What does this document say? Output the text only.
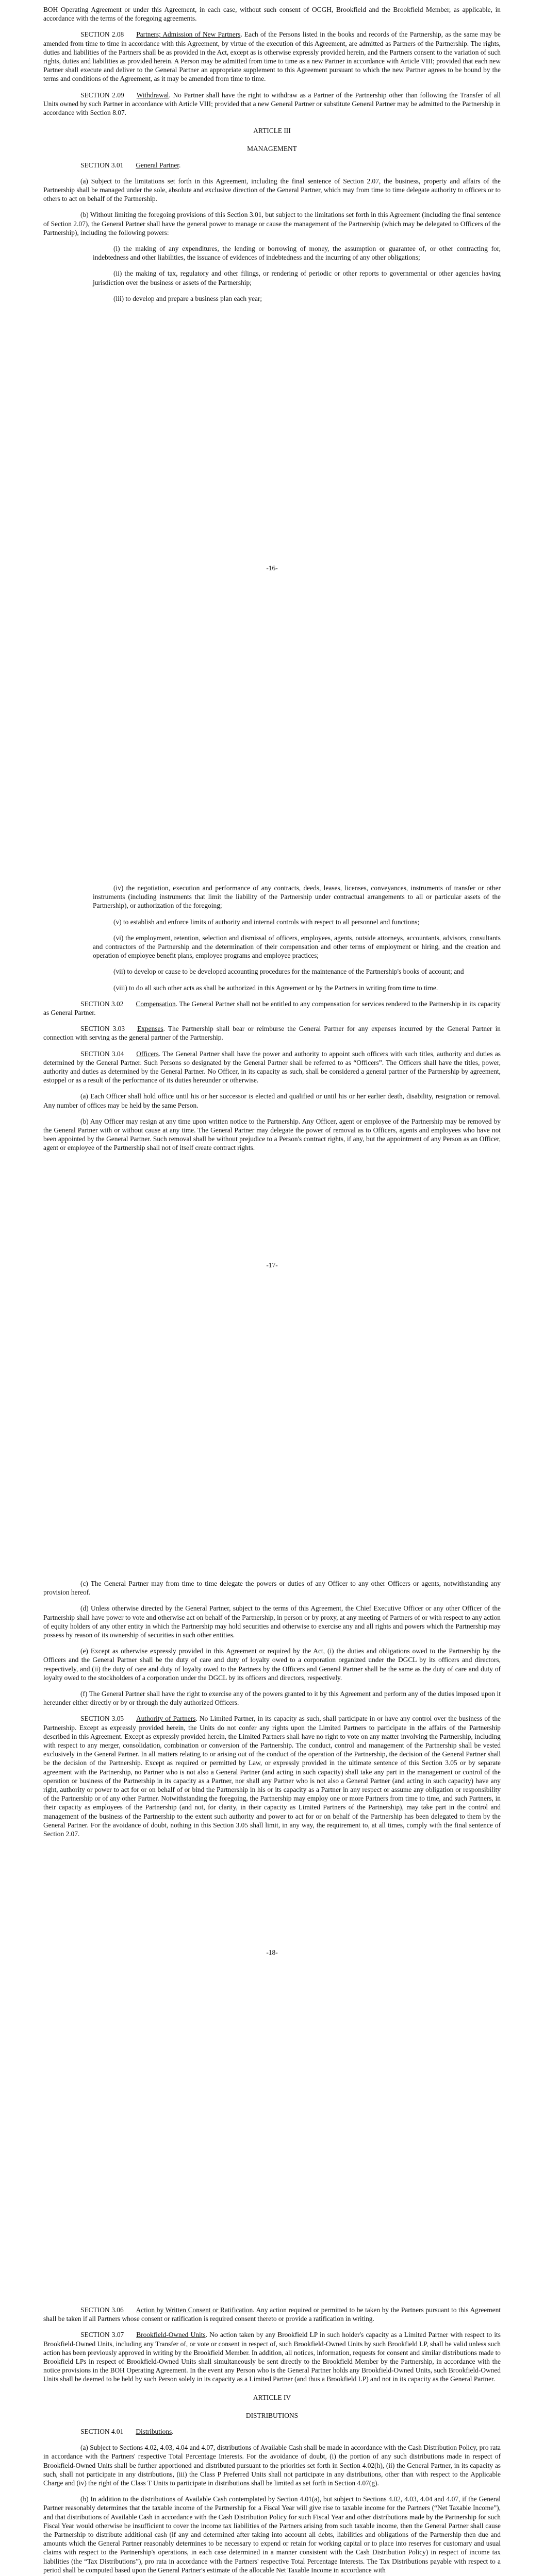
BOH Operating Agreement or under this Agreement, in each case, without such consent of OCGH, Brookfield and the Brookfield Member, as applicable, in accordance with the terms of the foregoing agreements.

SECTION 2.08 Partners; Admission of New Partners. Each of the Persons listed in the books and records of the Partnership, as the same may be amended from time to time in accordance with this Agreement, by virtue of the execution of this Agreement, are admitted as Partners of the Partnership. The rights, duties and liabilities of the Partners shall be as provided in the Act, except as is otherwise expressly provided herein, and the Partners consent to the variation of such rights, duties and liabilities as provided herein. A Person may be admitted from time to time as a new Partner in accordance with Article VIII; provided that each new Partner shall execute and deliver to the General Partner an appropriate supplement to this Agreement pursuant to which the new Partner agrees to be bound by the terms and conditions of the Agreement, as it may be amended from time to time.

SECTION 2.09 Withdrawal. No Partner shall have the right to withdraw as a Partner of the Partnership other than following the Transfer of all Units owned by such Partner in accordance with Article VIII; provided that a new General Partner or substitute General Partner may be admitted to the Partnership in accordance with Section 8.07.

ARTICLE III

MANAGEMENT

SECTION 3.01 General Partner.

(a) Subject to the limitations set forth in this Agreement, including the final sentence of Section 2.07, the business, property and affairs of the Partnership shall be managed under the sole, absolute and exclusive direction of the General Partner, which may from time to time delegate authority to officers or to others to act on behalf of the Partnership.

(b) Without limiting the foregoing provisions of this Section 3.01, but subject to the limitations set forth in this Agreement (including the final sentence of Section 2.07), the General Partner shall have the general power to manage or cause the management of the Partnership (which may be delegated to Officers of the Partnership), including the following powers:

(i) the making of any expenditures, the lending or borrowing of money, the assumption or guarantee of, or other contracting for, indebtedness and other liabilities, the issuance of evidences of indebtedness and the incurring of any other obligations;

(ii) the making of tax, regulatory and other filings, or rendering of periodic or other reports to governmental or other agencies having jurisdiction over the business or assets of the Partnership;

(iii) to develop and prepare a business plan each year;

-16-

(iv) the negotiation, execution and performance of any contracts, deeds, leases, licenses, conveyances, instruments of transfer or other instruments (including instruments that limit the liability of the Partnership under contractual arrangements to all or particular assets of the Partnership), or authorization of the foregoing;

(v) to establish and enforce limits of authority and internal controls with respect to all personnel and functions;

(vi) the employment, retention, selection and dismissal of officers, employees, agents, outside attorneys, accountants, advisors, consultants and contractors of the Partnership and the determination of their compensation and other terms of employment or hiring, and the creation and operation of employee benefit plans, employee programs and employee practices;

(vii) to develop or cause to be developed accounting procedures for the maintenance of the Partnership's books of account; and

(viii) to do all such other acts as shall be authorized in this Agreement or by the Partners in writing from time to time.

SECTION 3.02 Compensation. The General Partner shall not be entitled to any compensation for services rendered to the Partnership in its capacity as General Partner.

SECTION 3.03 Expenses. The Partnership shall bear or reimburse the General Partner for any expenses incurred by the General Partner in connection with serving as the general partner of the Partnership.

SECTION 3.04 Officers. The General Partner shall have the power and authority to appoint such officers with such titles, authority and duties as determined by the General Partner. Such Persons so designated by the General Partner shall be referred to as “Officers”. The Officers shall have the titles, power, authority and duties as determined by the General Partner. No Officer, in its capacity as such, shall be considered a general partner of the Partnership by agreement, estoppel or as a result of the performance of its duties hereunder or otherwise.

(a) Each Officer shall hold office until his or her successor is elected and qualified or until his or her earlier death, disability, resignation or removal. Any number of offices may be held by the same Person.

(b) Any Officer may resign at any time upon written notice to the Partnership. Any Officer, agent or employee of the Partnership may be removed by the General Partner with or without cause at any time. The General Partner may delegate the power of removal as to Officers, agents and employees who have not been appointed by the General Partner. Such removal shall be without prejudice to a Person's contract rights, if any, but the appointment of any Person as an Officer, agent or employee of the Partnership shall not of itself create contract rights.

-17-

(c) The General Partner may from time to time delegate the powers or duties of any Officer to any other Officers or agents, notwithstanding any provision hereof.

(d) Unless otherwise directed by the General Partner, subject to the terms of this Agreement, the Chief Executive Officer or any other Officer of the Partnership shall have power to vote and otherwise act on behalf of the Partnership, in person or by proxy, at any meeting of Partners of or with respect to any action of equity holders of any other entity in which the Partnership may hold securities and otherwise to exercise any and all rights and powers which the Partnership may possess by reason of its ownership of securities in such other entities.

(e) Except as otherwise expressly provided in this Agreement or required by the Act, (i) the duties and obligations owed to the Partnership by the Officers and the General Partner shall be the duty of care and duty of loyalty owed to a corporation organized under the DGCL by its officers and directors, respectively, and (ii) the duty of care and duty of loyalty owed to the Partners by the Officers and General Partner shall be the same as the duty of care and duty of loyalty owed to the stockholders of a corporation under the DGCL by its officers and directors, respectively.

(f) The General Partner shall have the right to exercise any of the powers granted to it by this Agreement and perform any of the duties imposed upon it hereunder either directly or by or through the duly authorized Officers.

SECTION 3.05 Authority of Partners. No Limited Partner, in its capacity as such, shall participate in or have any control over the business of the Partnership. Except as expressly provided herein, the Units do not confer any rights upon the Limited Partners to participate in the affairs of the Partnership described in this Agreement. Except as expressly provided herein, the Limited Partners shall have no right to vote on any matter involving the Partnership, including with respect to any merger, consolidation, combination or conversion of the Partnership. The conduct, control and management of the Partnership shall be vested exclusively in the General Partner. In all matters relating to or arising out of the conduct of the operation of the Partnership, the decision of the General Partner shall be the decision of the Partnership. Except as required or permitted by Law, or expressly provided in the ultimate sentence of this Section 3.05 or by separate agreement with the Partnership, no Partner who is not also a General Partner (and acting in such capacity) shall take any part in the management or control of the operation or business of the Partnership in its capacity as a Partner, nor shall any Partner who is not also a General Partner (and acting in such capacity) have any right, authority or power to act for or on behalf of or bind the Partnership in his or its capacity as a Partner in any respect or assume any obligation or responsibility of the Partnership or of any other Partner. Notwithstanding the foregoing, the Partnership may employ one or more Partners from time to time, and such Partners, in their capacity as employees of the Partnership (and not, for clarity, in their capacity as Limited Partners of the Partnership), may take part in the control and management of the business of the Partnership to the extent such authority and power to act for or on behalf of the Partnership has been delegated to them by the General Partner. For the avoidance of doubt, nothing in this Section 3.05 shall limit, in any way, the requirement to, at all times, comply with the final sentence of Section 2.07.

-18-

SECTION 3.06 Action by Written Consent or Ratification. Any action required or permitted to be taken by the Partners pursuant to this Agreement shall be taken if all Partners whose consent or ratification is required consent thereto or provide a ratification in writing.

SECTION 3.07 Brookfield-Owned Units. No action taken by any Brookfield LP in such holder's capacity as a Limited Partner with respect to its Brookfield-Owned Units, including any Transfer of, or vote or consent in respect of, such Brookfield-Owned Units by such Brookfield LP, shall be valid unless such action has been previously approved in writing by the Brookfield Member. In addition, all notices, information, requests for consent and similar distributions made to Brookfield LPs in respect of Brookfield-Owned Units shall simultaneously be sent directly to the Brookfield Member by the Partnership, in accordance with the notice provisions in the BOH Operating Agreement. In the event any Person who is the General Partner holds any Brookfield-Owned Units, such Brookfield-Owned Units shall be deemed to be held by such Person solely in its capacity as a Limited Partner (and thus a Brookfield LP) and not in its capacity as the General Partner.

ARTICLE IV

DISTRIBUTIONS

SECTION 4.01 Distributions.

(a) Subject to Sections 4.02, 4.03, 4.04 and 4.07, distributions of Available Cash shall be made in accordance with the Cash Distribution Policy, pro rata in accordance with the Partners' respective Total Percentage Interests. For the avoidance of doubt, (i) the portion of any such distributions made in respect of Brookfield-Owned Units shall be further apportioned and distributed pursuant to the priorities set forth in Section 4.02(h), (ii) the General Partner, in its capacity as such, shall not participate in any distributions, (iii) the Class P Preferred Units shall not participate in any distributions, other than with respect to the Applicable Charge and (iv) the right of the Class T Units to participate in distributions shall be limited as set forth in Section 4.07(g).

(b) In addition to the distributions of Available Cash contemplated by Section 4.01(a), but subject to Sections 4.02, 4.03, 4.04 and 4.07, if the General Partner reasonably determines that the taxable income of the Partnership for a Fiscal Year will give rise to taxable income for the Partners (“Net Taxable Income”), and that distributions of Available Cash in accordance with the Cash Distribution Policy for such Fiscal Year and other distributions made by the Partnership for such Fiscal Year would otherwise be insufficient to cover the income tax liabilities of the Partners arising from such taxable income, then the General Partner shall cause the Partnership to distribute additional cash (if any and determined after taking into account all debts, liabilities and obligations of the Partnership then due and amounts which the General Partner reasonably determines to be necessary to expend or retain for working capital or to place into reserves for customary and usual claims with respect to the Partnership's operations, in each case determined in a manner consistent with the Cash Distribution Policy) in respect of income tax liabilities (the “Tax Distributions”), pro rata in accordance with the Partners' respective Total Percentage Interests. The Tax Distributions payable with respect to a period shall be computed based upon the General Partner's estimate of the allocable Net Taxable Income in accordance with
